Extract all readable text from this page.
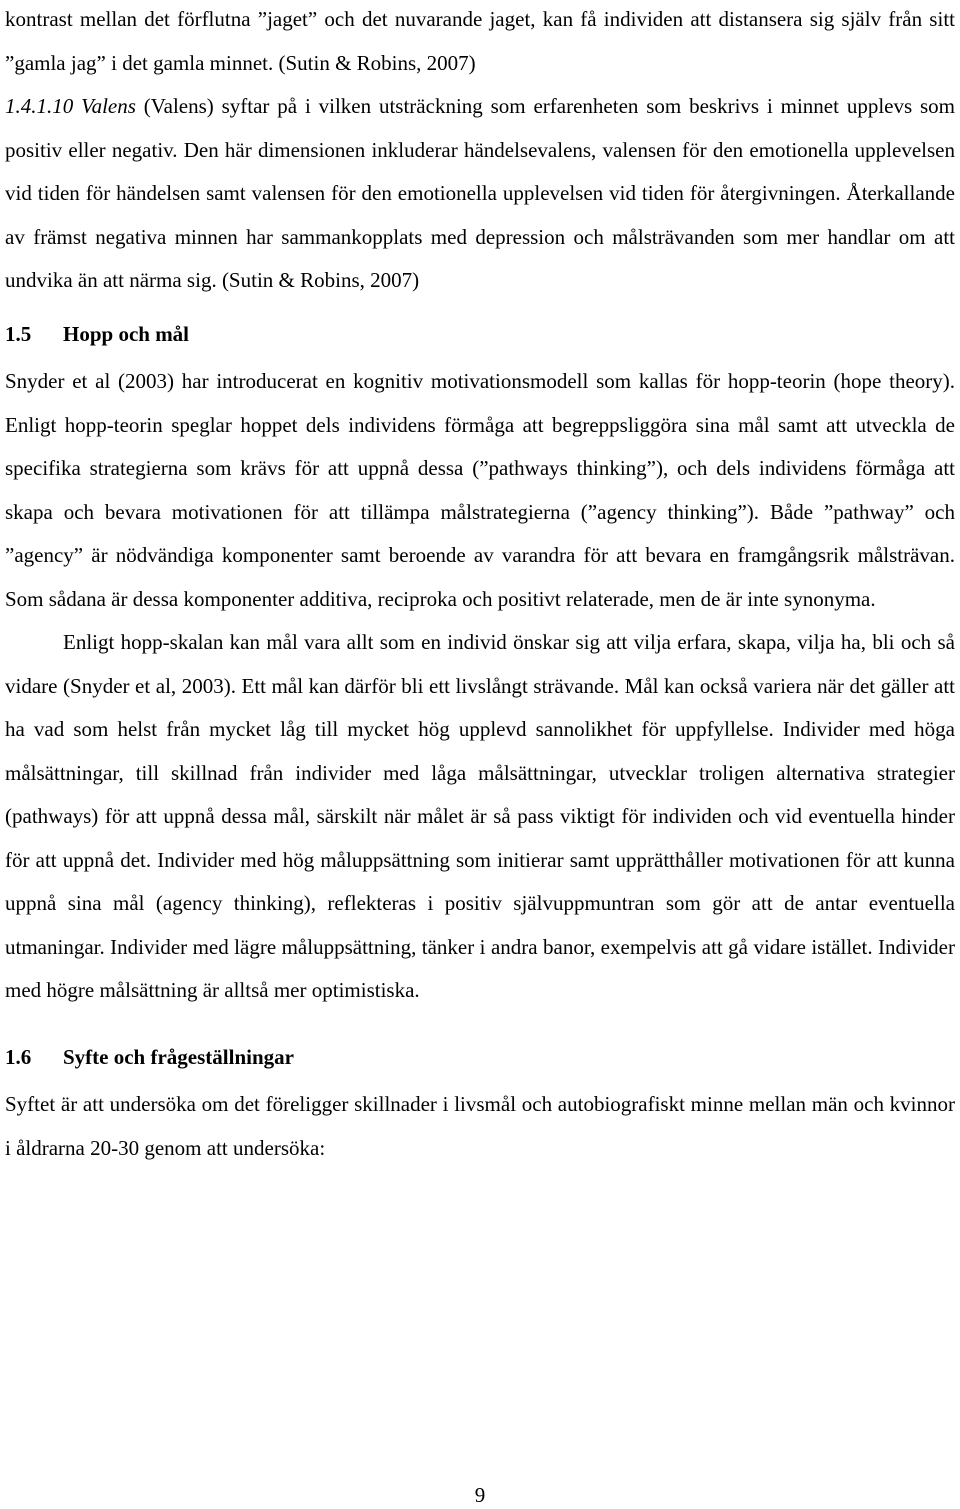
kontrast mellan det förflutna ”jaget” och det nuvarande jaget, kan få individen att distansera sig själv från sitt ”gamla jag” i det gamla minnet. (Sutin & Robins, 2007)

1.4.1.10 Valens (Valens) syftar på i vilken utsträckning som erfarenheten som beskrivs i minnet upplevs som positiv eller negativ. Den här dimensionen inkluderar händelsevalens, valensen för den emotionella upplevelsen vid tiden för händelsen samt valensen för den emotionella upplevelsen vid tiden för återgivningen. Återkallande av främst negativa minnen har sammankopplats med depression och målsträvanden som mer handlar om att undvika än att närma sig. (Sutin & Robins, 2007)

1.5 Hopp och mål

Snyder et al (2003) har introducerat en kognitiv motivationsmodell som kallas för hopp-teorin (hope theory). Enligt hopp-teorin speglar hoppet dels individens förmåga att begreppsliggöra sina mål samt att utveckla de specifika strategierna som krävs för att uppnå dessa (”pathways thinking”), och dels individens förmåga att skapa och bevara motivationen för att tillämpa målstrategierna (”agency thinking”). Både ”pathway” och ”agency” är nödvändiga komponenter samt beroende av varandra för att bevara en framgångsrik målsträvan. Som sådana är dessa komponenter additiva, reciproka och positivt relaterade, men de är inte synonyma.

Enligt hopp-skalan kan mål vara allt som en individ önskar sig att vilja erfara, skapa, vilja ha, bli och så vidare (Snyder et al, 2003). Ett mål kan därför bli ett livslångt strävande. Mål kan också variera när det gäller att ha vad som helst från mycket låg till mycket hög upplevd sannolikhet för uppfyllelse. Individer med höga målsättningar, till skillnad från individer med låga målsättningar, utvecklar troligen alternativa strategier (pathways) för att uppnå dessa mål, särskilt när målet är så pass viktigt för individen och vid eventuella hinder för att uppnå det. Individer med hög måluppsättning som initierar samt upprätthåller motivationen för att kunna uppnå sina mål (agency thinking), reflekteras i positiv självuppmuntran som gör att de antar eventuella utmaningar. Individer med lägre måluppsättning, tänker i andra banor, exempelvis att gå vidare istället. Individer med högre målsättning är alltså mer optimistiska.

1.6 Syfte och frågeställningar

Syftet är att undersöka om det föreligger skillnader i livsmål och autobiografiskt minne mellan män och kvinnor i åldrarna 20-30 genom att undersöka:

9
